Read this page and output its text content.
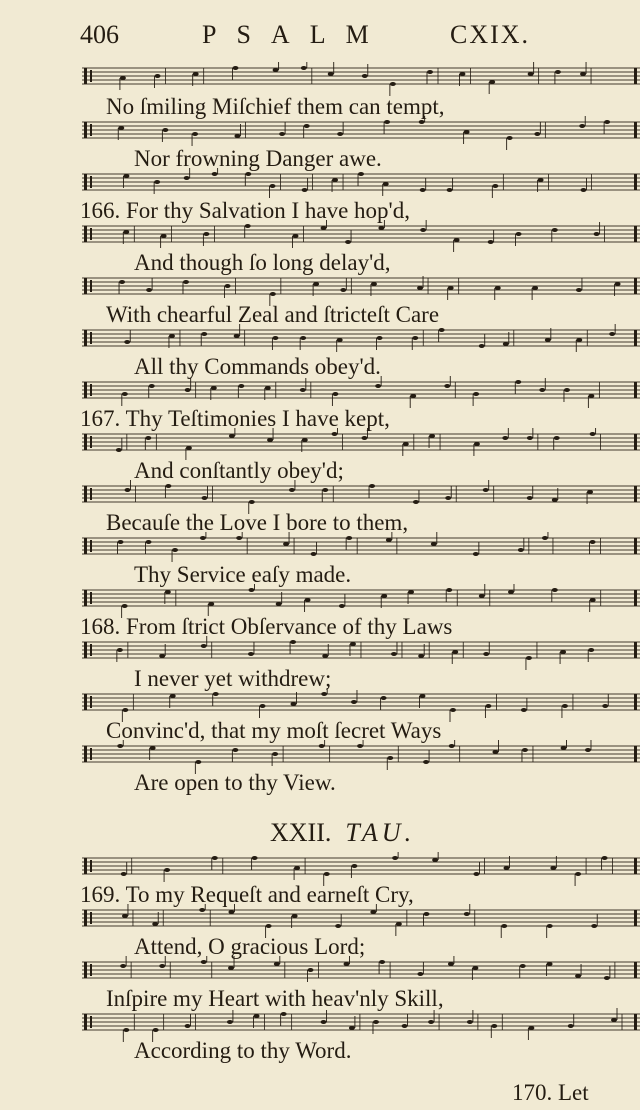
406	PSALM CXIX.
No ſmiling Miſchief them can tempt,
Nor frowning Danger awe.
166. For thy Salvation I have hop'd,
And though ſo long delay'd,
With chearful Zeal and ſtricteſt Care
All thy Commands obey'd.
167. Thy Teſtimonies I have kept,
And conſtantly obey'd;
Becauſe the Love I bore to them,
Thy Service eaſy made.
168. From ſtrict Obſervance of thy Laws
I never yet withdrew;
Convinc'd, that my moſt ſecret Ways
Are open to thy View.
XXII. TAU.
169. To my Requeſt and earneſt Cry,
Attend, O gracious Lord;
Inſpire my Heart with heav'nly Skill,
According to thy Word.
170. Let
